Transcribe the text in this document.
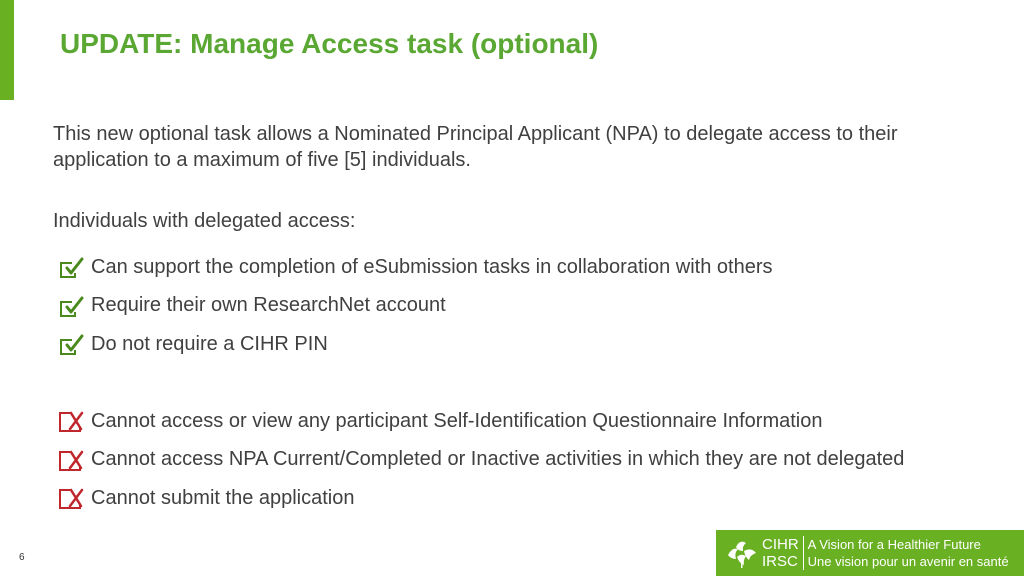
UPDATE: Manage Access task (optional)
This new optional task allows a Nominated Principal Applicant (NPA) to delegate access to their application to a maximum of five [5] individuals.
Individuals with delegated access:
Can support the completion of eSubmission tasks in collaboration with others
Require their own ResearchNet account
Do not require a CIHR PIN
Cannot access or view any participant Self-Identification Questionnaire Information
Cannot access NPA Current/Completed or Inactive activities in which they are not delegated
Cannot submit the application
6
CIHR
IRSC
A Vision for a Healthier Future
Une vision pour un avenir en santé
